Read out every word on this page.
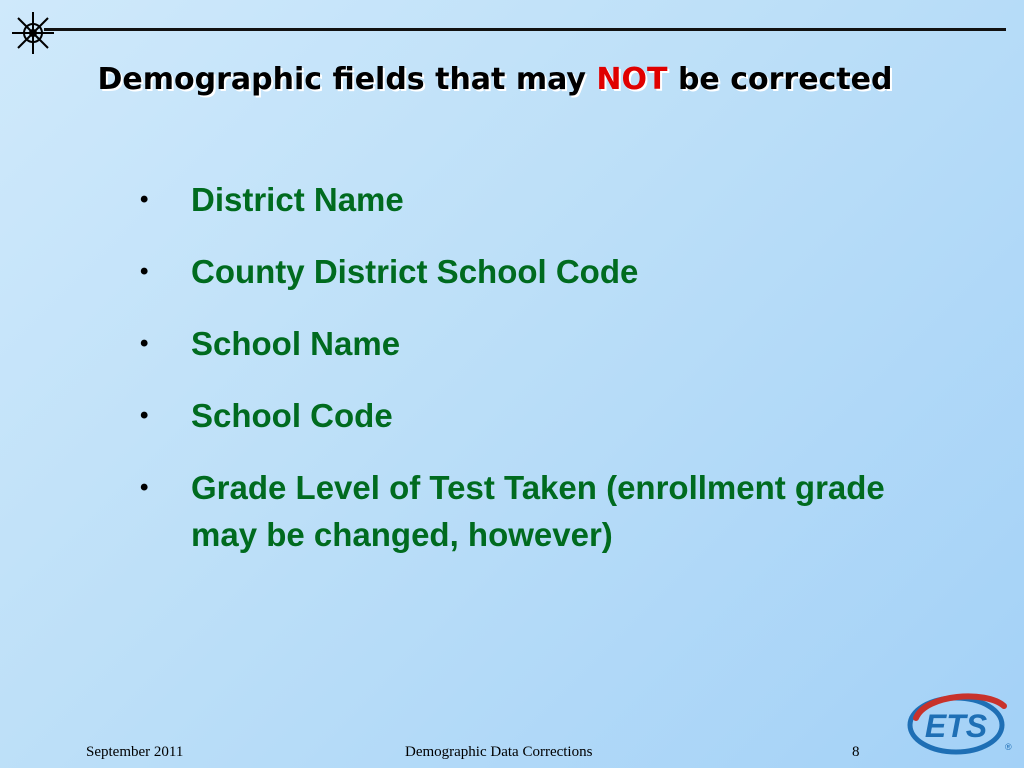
Demographic fields that may NOT be corrected
•	District Name
•	County District School Code
•	School Name
•	School Code
•	Grade Level of Test Taken (enrollment grade may be changed, however)
September 2011	Demographic Data Corrections	8
ETS
®
